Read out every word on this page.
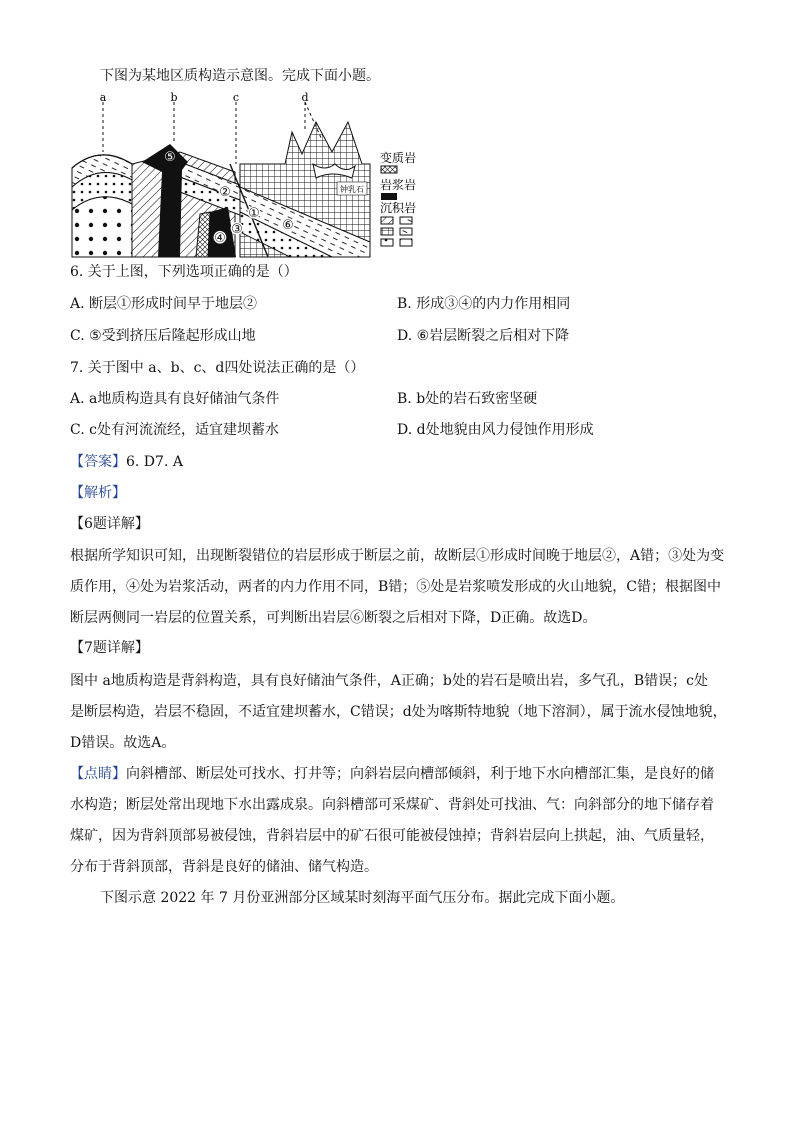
下图为某地区质构造示意图。完成下面小题。
钟乳石
a	b	c	d
①
②
③
④
⑤
⑥
变质岩
岩浆岩
沉积岩
6. 关于上图，下列选项正确的是（）
A. 断层①形成时间早于地层②	B. 形成③④的内力作用相同
C. ⑤受到挤压后隆起形成山地	D. ⑥岩层断裂之后相对下降
7. 关于图中 a、b、c、d四处说法正确的是（）
A. a地质构造具有良好储油气条件	B. b处的岩石致密坚硬
C. c处有河流流经，适宜建坝蓄水	D. d处地貌由风力侵蚀作用形成
【答案】6. D7. A
【解析】
【6题详解】
根据所学知识可知，出现断裂错位的岩层形成于断层之前，故断层①形成时间晚于地层②，A错；③处为变
质作用，④处为岩浆活动，两者的内力作用不同，B错；⑤处是岩浆喷发形成的火山地貌，C错；根据图中
断层两侧同一岩层的位置关系，可判断出岩层⑥断裂之后相对下降，D正确。故选D。
【7题详解】
图中 a地质构造是背斜构造，具有良好储油气条件，A正确；b处的岩石是喷出岩，多气孔，B错误；c处
是断层构造，岩层不稳固，不适宜建坝蓄水，C错误；d处为喀斯特地貌（地下溶洞），属于流水侵蚀地貌，
D错误。故选A。
【点睛】向斜槽部、断层处可找水、打井等；向斜岩层向槽部倾斜，利于地下水向槽部汇集，是良好的储
水构造；断层处常出现地下水出露成泉。向斜槽部可采煤矿、背斜处可找油、气：向斜部分的地下储存着
煤矿，因为背斜顶部易被侵蚀，背斜岩层中的矿石很可能被侵蚀掉；背斜岩层向上拱起，油、气质量轻，
分布于背斜顶部，背斜是良好的储油、储气构造。
下图示意 2022 年 7 月份亚洲部分区域某时刻海平面气压分布。据此完成下面小题。
